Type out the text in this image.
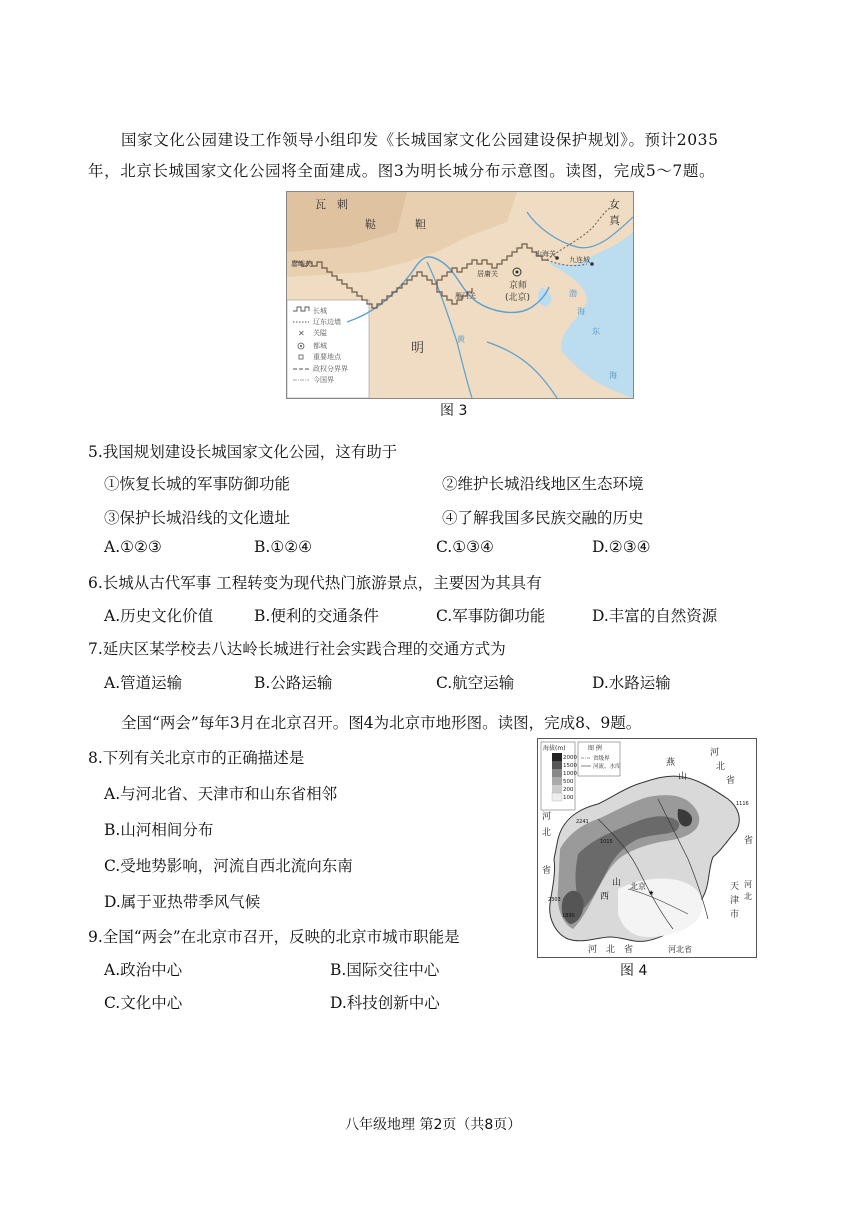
国家文化公园建设工作领导小组印发《长城国家文化公园建设保护规划》。预计2035
年，北京长城国家文化公园将全面建成。图3为明长城分布示意图。读图，完成5～7题。
瓦　剌
鞑　靼
女
真
明
嘉峪关
居庸关
雁门关
山海关
九连城
京师
(北京)	渤
海
黄
东
海
✕
长城
辽东边墙
关隘
都城
重要地点
政权分界界
今国界
图 3
5.我国规划建设长城国家文化公园，这有助于
①恢复长城的军事防御功能	②维护长城沿线地区生态环境
③保护长城沿线的文化遗址	④了解我国多民族交融的历史
A.①②③	B.①②④	C.①③④	D.②③④
6.长城从古代军事 工程转变为现代热门旅游景点，主要因为其具有
A.历史文化价值	B.便利的交通条件	C.军事防御功能	D.丰富的自然资源
7.延庆区某学校去八达岭长城进行社会实践合理的交通方式为
A.管道运输	B.公路运输	C.航空运输	D.水路运输
全国“两会”每年3月在北京召开。图4为北京市地形图。读图，完成8、9题。
8.下列有关北京市的正确描述是
A.与河北省、天津市和山东省相邻
B.山河相间分布
C.受地势影响，河流自西北流向东南
D.属于亚热带季风气候
9.全国“两会”在北京市召开，反映的北京市城市职能是
A.政治中心	B.国际交往中心
C.文化中心	D.科技创新中心
海拔(m)
2000
1500
1000
500
200
100
图 例
省级界
河流、水库	燕
山
河
北
省
河
北
省
省
天
津
市
河
北
河　北　省	河北省
北京
★
西
山
2241
2303
1890
1015
1116
图 4
八年级地理 第2页（共8页）
